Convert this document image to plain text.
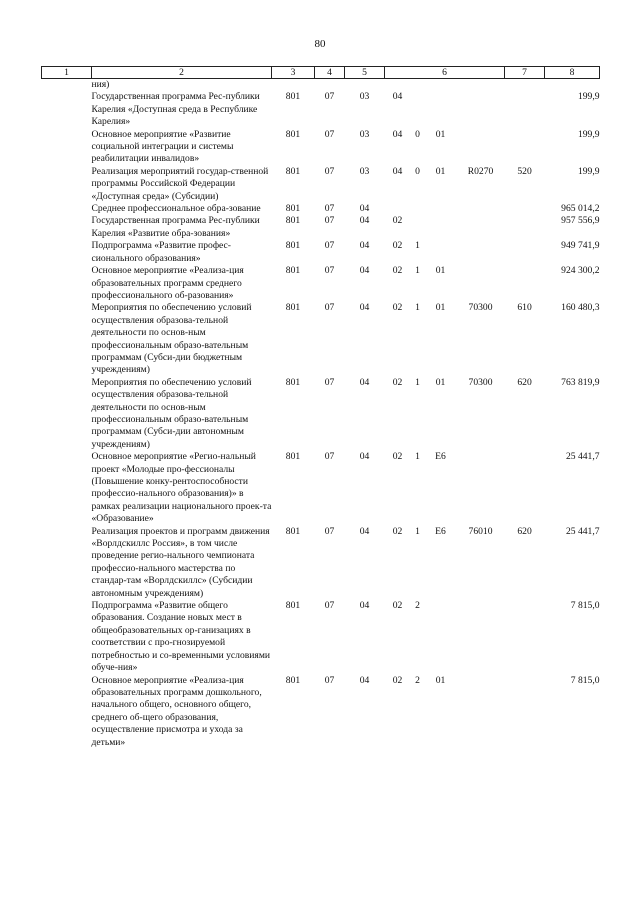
80
1	2	3	4	5	6				7	8
	ния)									
	Государственная программа Рес-публики Карелия «Доступная среда в Республике Карелия»	801	07	03	04					199,9
	Основное мероприятие «Развитие социальной интеграции и системы реабилитации инвалидов»	801	07	03	04	0	01			199,9
	Реализация мероприятий государ-ственной программы Российской Федерации «Доступная среда» (Субсидии)	801	07	03	04	0	01	R0270	520	199,9
	Среднее профессиональное обра-зование	801	07	04						965 014,2
	Государственная программа Рес-публики Карелия «Развитие обра-зования»	801	07	04	02					957 556,9
	Подпрограмма «Развитие профес-сионального образования»	801	07	04	02	1				949 741,9
	Основное мероприятие «Реализа-ция образовательных программ среднего профессионального об-разования»	801	07	04	02	1	01			924 300,2
	Мероприятия по обеспечению условий осуществления образова-тельной деятельности по основ-ным профессиональным образо-вательным программам (Субси-дии бюджетным учреждениям)	801	07	04	02	1	01	70300	610	160 480,3
	Мероприятия по обеспечению условий осуществления образова-тельной деятельности по основ-ным профессиональным образо-вательным программам (Субси-дии автономным учреждениям)	801	07	04	02	1	01	70300	620	763 819,9
	Основное мероприятие «Регио-нальный проект «Молодые про-фессионалы (Повышение конку-рентоспособности профессио-нального образования)» в рамках реализации национального проек-та «Образование»	801	07	04	02	1	Е6			25 441,7
	Реализация проектов и программ движения «Ворлдскиллс Россия», в том числе проведение регио-нального чемпионата профессио-нального мастерства по стандар-там «Ворлдскиллс» (Субсидии автономным учреждениям)	801	07	04	02	1	Е6	76010	620	25 441,7
	Подпрограмма «Развитие общего образования. Создание новых мест в общеобразовательных ор-ганизациях в соответствии с про-гнозируемой потребностью и со-временными условиями обуче-ния»	801	07	04	02	2				7 815,0
	Основное мероприятие «Реализа-ция образовательных программ дошкольного, начального общего, основного общего, среднего об-щего образования, осуществление присмотра и ухода за детьми»	801	07	04	02	2	01			7 815,0
